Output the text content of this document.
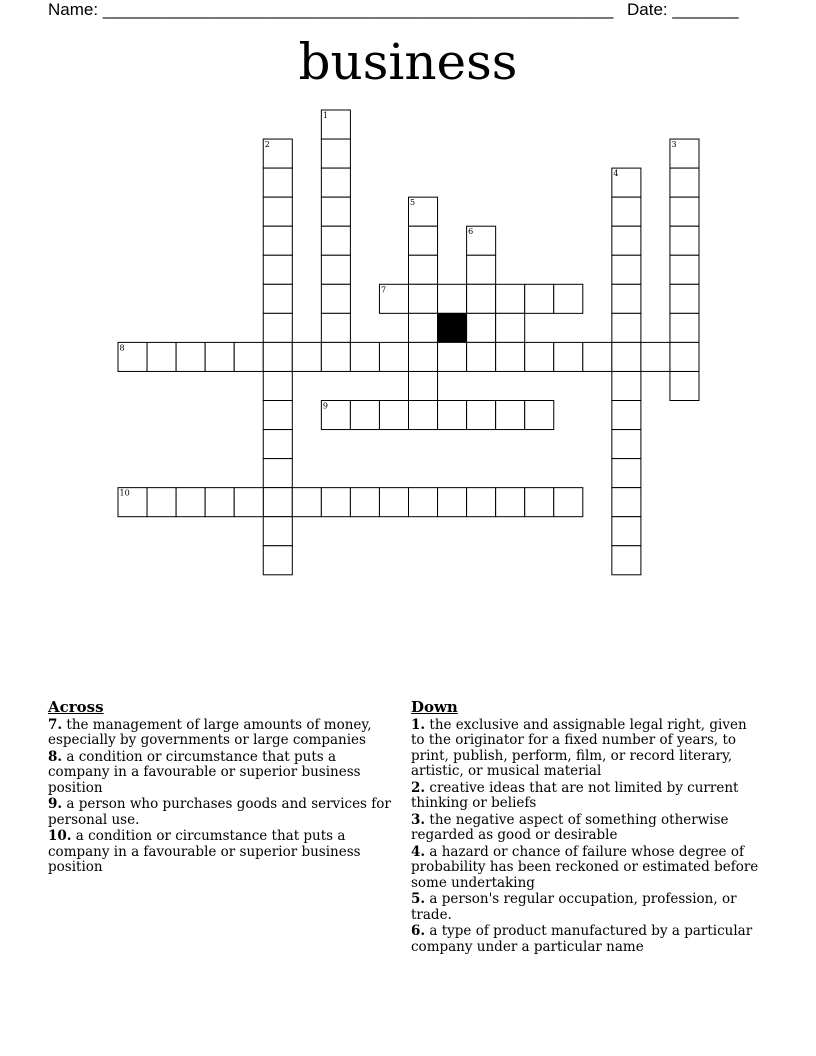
Name: ______________________________________________________ Date: _______
business
1
2	3
4
5
6
7
8
9
10
Across
7. the management of large amounts of money, especially by governments or large companies
8. a condition or circumstance that puts a company in a favourable or superior business position
9. a person who purchases goods and services for personal use.
10. a condition or circumstance that puts a company in a favourable or superior business position
Down
1. the exclusive and assignable legal right, given to the originator for a fixed number of years, to print, publish, perform, film, or record literary, artistic, or musical material
2. creative ideas that are not limited by current thinking or beliefs
3. the negative aspect of something otherwise regarded as good or desirable
4. a hazard or chance of failure whose degree of probability has been reckoned or estimated before some undertaking
5. a person's regular occupation, profession, or trade.
6. a type of product manufactured by a particular company under a particular name
